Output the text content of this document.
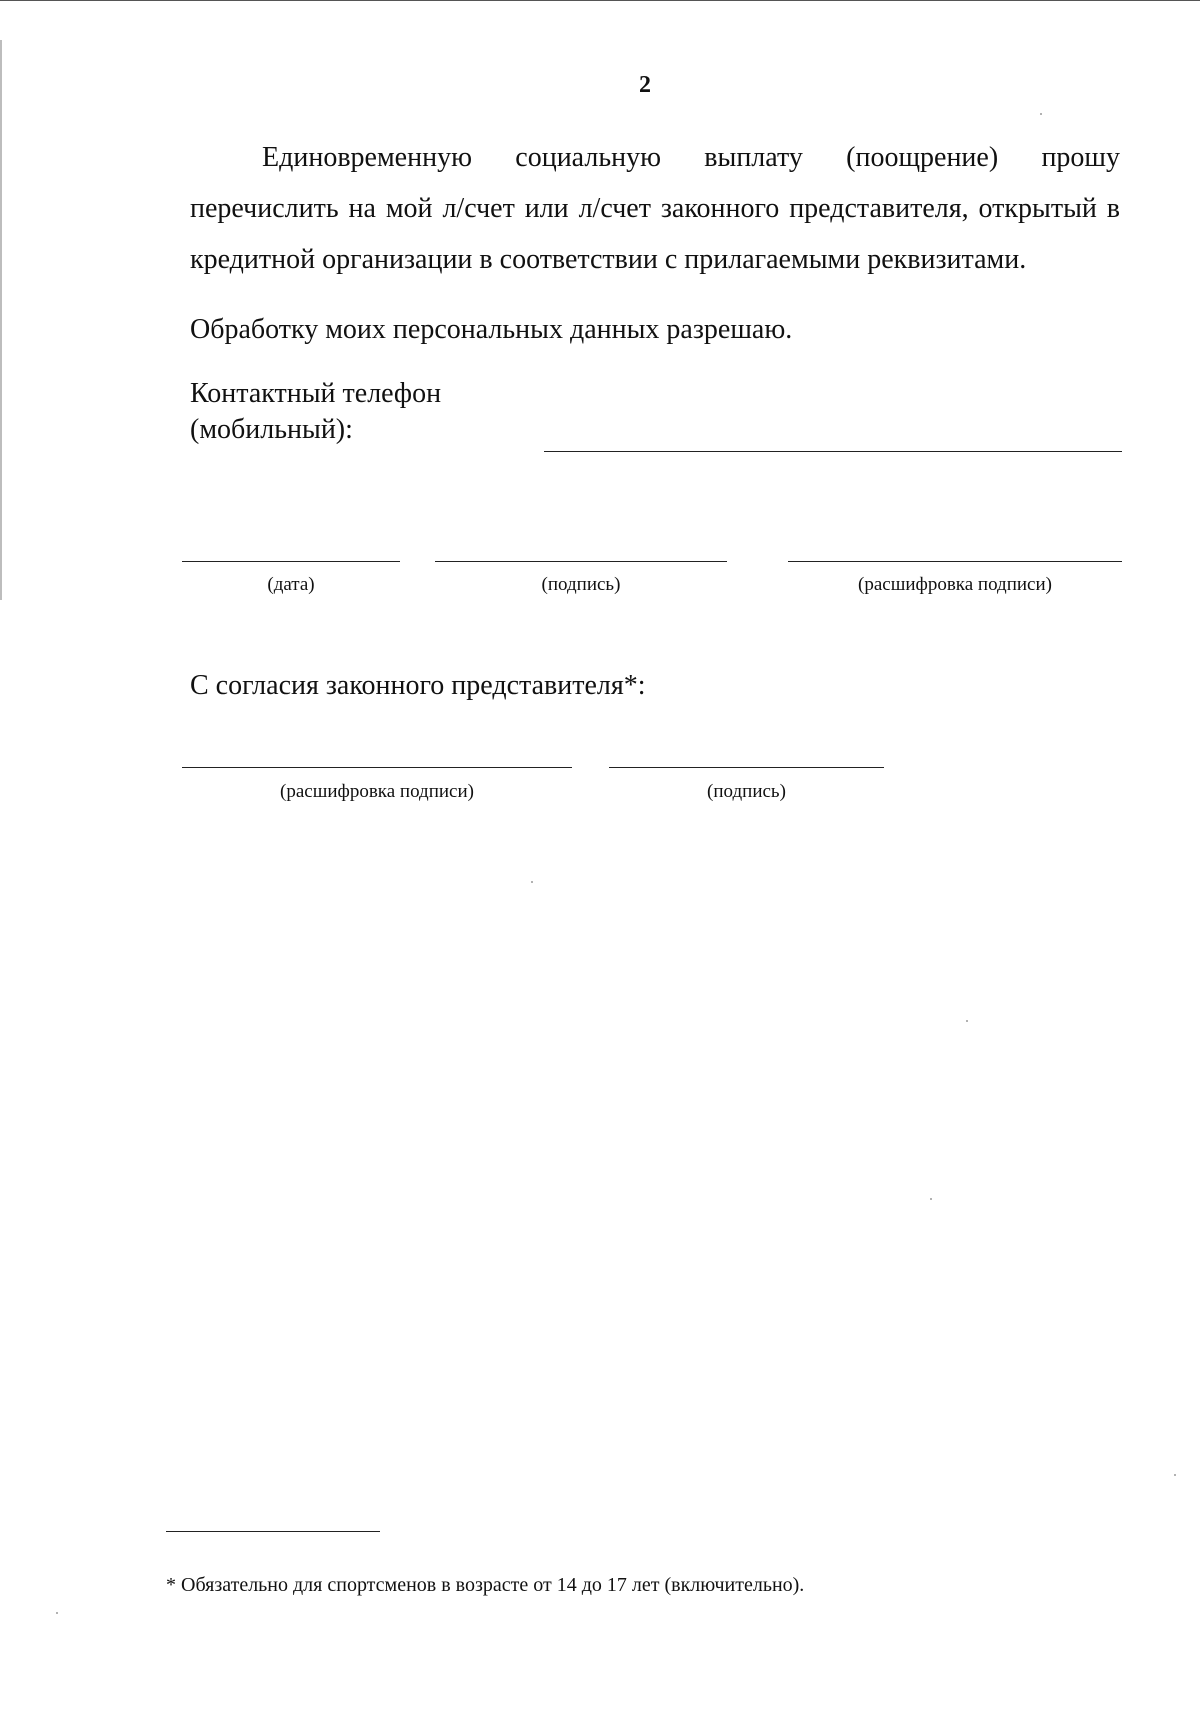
2
Единовременную социальную выплату (поощрение) прошу перечислить на мой л/счет или л/счет законного представителя, открытый в кредитной организации в соответствии с прилагаемыми реквизитами.
Обработку моих персональных данных разрешаю.
Контактный телефон
(мобильный):
(дата)	(подпись)	(расшифровка подписи)
С согласия законного представителя*:
(расшифровка подписи)	(подпись)
* Обязательно для спортсменов в возрасте от 14 до 17 лет (включительно).
